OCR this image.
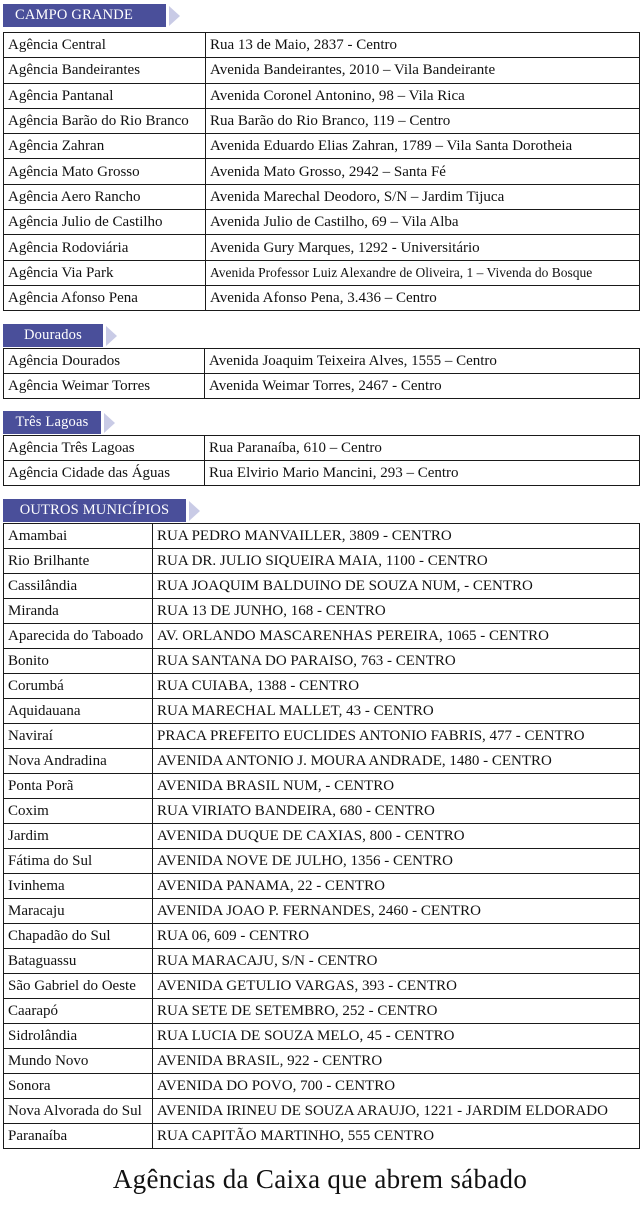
CAMPO GRANDE
Agência Central	Rua 13 de Maio, 2837 - Centro
Agência Bandeirantes	Avenida Bandeirantes, 2010 – Vila Bandeirante
Agência Pantanal	Avenida Coronel Antonino, 98 – Vila Rica
Agência Barão do Rio Branco	Rua Barão do Rio Branco, 119 – Centro
Agência Zahran	Avenida Eduardo Elias Zahran, 1789 – Vila Santa Dorotheia
Agência Mato Grosso	Avenida Mato Grosso, 2942 – Santa Fé
Agência Aero Rancho	Avenida Marechal Deodoro, S/N – Jardim Tijuca
Agência Julio de Castilho	Avenida Julio de Castilho, 69 – Vila Alba
Agência Rodoviária	Avenida Gury Marques, 1292 - Universitário
Agência Via Park	Avenida Professor Luiz Alexandre de Oliveira, 1 – Vivenda do Bosque
Agência Afonso Pena	Avenida Afonso Pena, 3.436 – Centro
Dourados
Agência Dourados	Avenida Joaquim Teixeira Alves, 1555 – Centro
Agência Weimar Torres	Avenida Weimar Torres, 2467 - Centro
Três Lagoas
Agência Três Lagoas	Rua Paranaíba, 610 – Centro
Agência Cidade das Águas	Rua Elvirio Mario Mancini, 293 – Centro
OUTROS MUNICÍPIOS
Amambai	RUA PEDRO MANVAILLER, 3809 - CENTRO
Rio Brilhante	RUA DR. JULIO SIQUEIRA MAIA, 1100 - CENTRO
Cassilândia	RUA JOAQUIM BALDUINO DE SOUZA NUM, - CENTRO
Miranda	RUA 13 DE JUNHO, 168 - CENTRO
Aparecida do Taboado	AV. ORLANDO MASCARENHAS PEREIRA, 1065 - CENTRO
Bonito	RUA SANTANA DO PARAISO, 763 - CENTRO
Corumbá	RUA CUIABA, 1388 - CENTRO
Aquidauana	RUA MARECHAL MALLET, 43 - CENTRO
Naviraí	PRACA PREFEITO EUCLIDES ANTONIO FABRIS, 477 - CENTRO
Nova Andradina	AVENIDA ANTONIO J. MOURA ANDRADE, 1480 - CENTRO
Ponta Porã	AVENIDA BRASIL NUM, - CENTRO
Coxim	RUA VIRIATO BANDEIRA, 680 - CENTRO
Jardim	AVENIDA DUQUE DE CAXIAS, 800 - CENTRO
Fátima do Sul	AVENIDA NOVE DE JULHO, 1356 - CENTRO
Ivinhema	AVENIDA PANAMA, 22 - CENTRO
Maracaju	AVENIDA JOAO P. FERNANDES, 2460 - CENTRO
Chapadão do Sul	RUA 06, 609 - CENTRO
Bataguassu	RUA MARACAJU, S/N - CENTRO
São Gabriel do Oeste	AVENIDA GETULIO VARGAS, 393 - CENTRO
Caarapó	RUA SETE DE SETEMBRO, 252 - CENTRO
Sidrolândia	RUA LUCIA DE SOUZA MELO, 45 - CENTRO
Mundo Novo	AVENIDA BRASIL, 922 - CENTRO
Sonora	AVENIDA DO POVO, 700 - CENTRO
Nova Alvorada do Sul	AVENIDA IRINEU DE SOUZA ARAUJO, 1221 - JARDIM ELDORADO
Paranaíba	RUA CAPITÃO MARTINHO, 555 CENTRO
Agências da Caixa que abrem sábado
